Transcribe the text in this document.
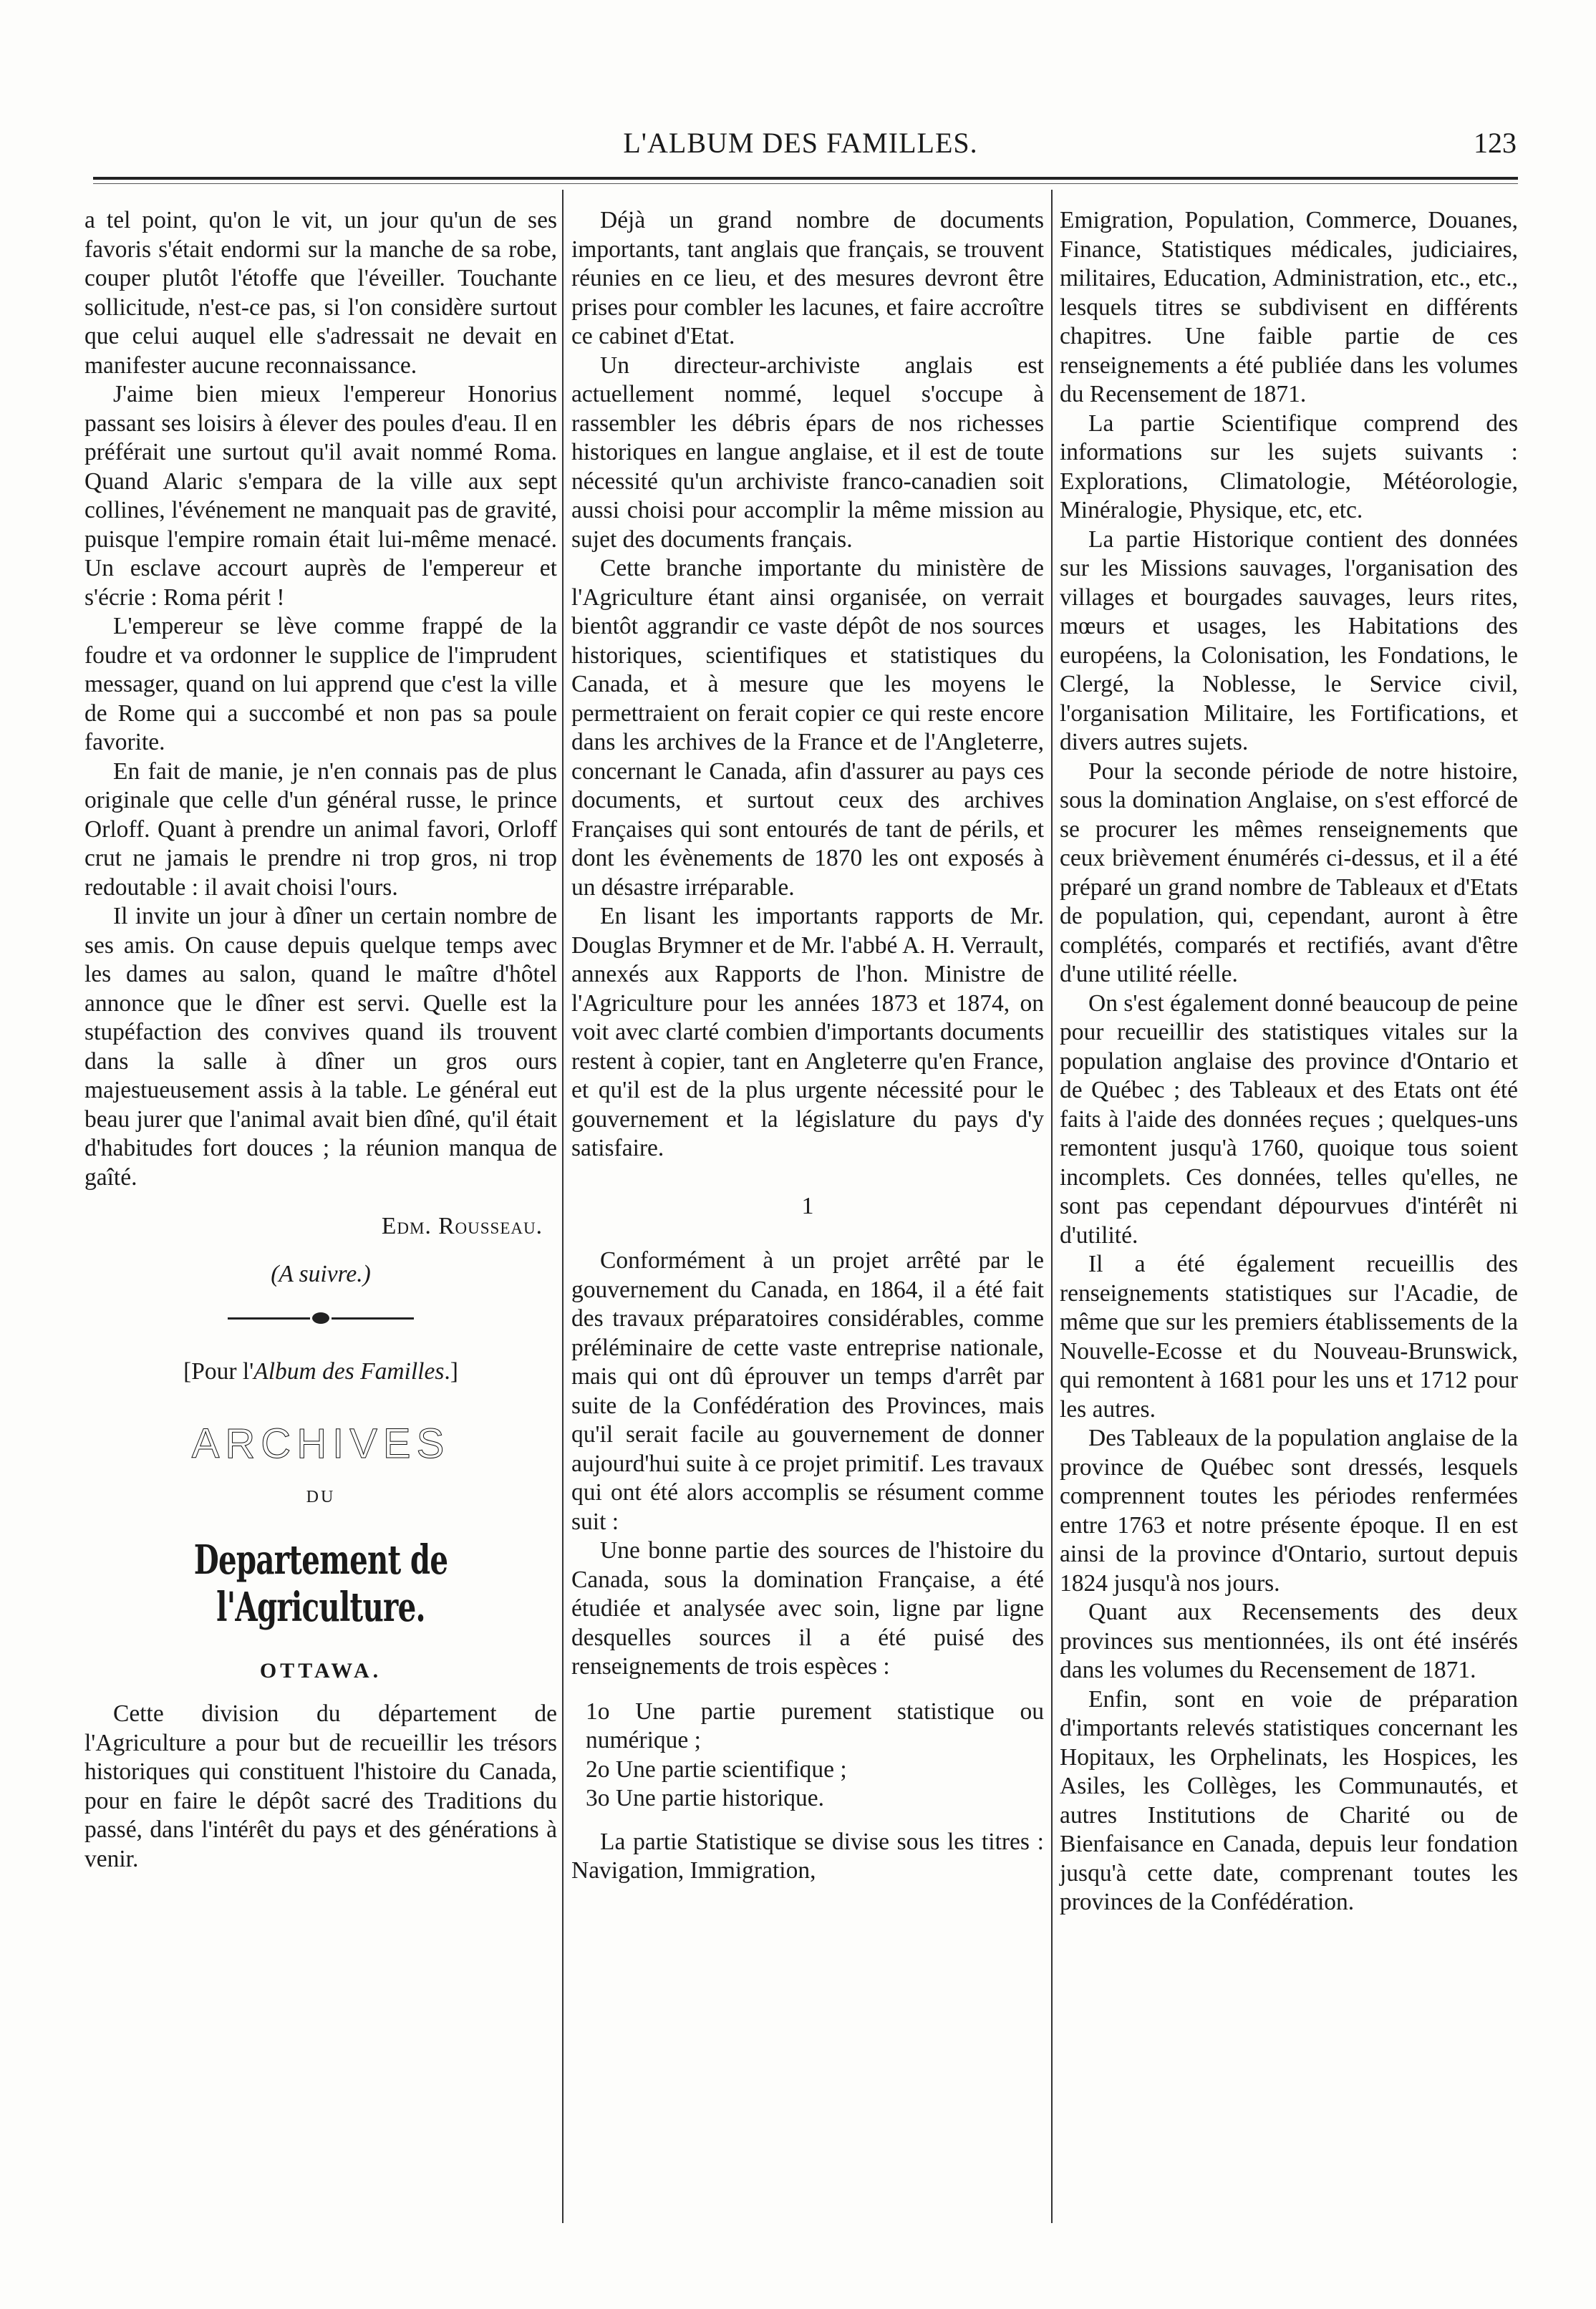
L'ALBUM DES FAMILLES.	123

a tel point, qu'on le vit, un jour qu'un de ses favoris s'était endormi sur la manche de sa robe, couper plutôt l'étoffe que l'éveiller. Touchante sollicitude, n'est-ce pas, si l'on considère surtout que celui auquel elle s'adressait ne devait en manifester aucune reconnaissance.

J'aime bien mieux l'empereur Honorius passant ses loisirs à élever des poules d'eau. Il en préférait une surtout qu'il avait nommé Roma. Quand Alaric s'empara de la ville aux sept collines, l'événement ne manquait pas de gravité, puisque l'empire romain était lui-même menacé. Un esclave accourt auprès de l'empereur et s'écrie : Roma périt !

L'empereur se lève comme frappé de la foudre et va ordonner le supplice de l'imprudent messager, quand on lui apprend que c'est la ville de Rome qui a succombé et non pas sa poule favorite.

En fait de manie, je n'en connais pas de plus originale que celle d'un général russe, le prince Orloff. Quant à prendre un animal favori, Orloff crut ne jamais le prendre ni trop gros, ni trop redoutable : il avait choisi l'ours.

Il invite un jour à dîner un certain nombre de ses amis. On cause depuis quelque temps avec les dames au salon, quand le maître d'hôtel annonce que le dîner est servi. Quelle est la stupéfaction des convives quand ils trouvent dans la salle à dîner un gros ours majestueusement assis à la table. Le général eut beau jurer que l'animal avait bien dîné, qu'il était d'habitudes fort douces ; la réunion manqua de gaîté.

Edm. Rousseau.
(A suivre.)
[Pour l'Album des Familles.]
ARCHIVES
DU
Departement de l'Agriculture.
OTTAWA.

Cette division du département de l'Agriculture a pour but de recueillir les trésors historiques qui constituent l'histoire du Canada, pour en faire le dépôt sacré des Traditions du passé, dans l'intérêt du pays et des générations à venir.

Déjà un grand nombre de documents importants, tant anglais que français, se trouvent réunies en ce lieu, et des mesures devront être prises pour combler les lacunes, et faire accroître ce cabinet d'Etat.

Un directeur-archiviste anglais est actuellement nommé, lequel s'occupe à rassembler les débris épars de nos richesses historiques en langue anglaise, et il est de toute nécessité qu'un archiviste franco-canadien soit aussi choisi pour accomplir la même mission au sujet des documents français.

Cette branche importante du ministère de l'Agriculture étant ainsi organisée, on verrait bientôt aggrandir ce vaste dépôt de nos sources historiques, scientifiques et statistiques du Canada, et à mesure que les moyens le permettraient on ferait copier ce qui reste encore dans les archives de la France et de l'Angleterre, concernant le Canada, afin d'assurer au pays ces documents, et surtout ceux des archives Françaises qui sont entourés de tant de périls, et dont les évènements de 1870 les ont exposés à un désastre irréparable.

En lisant les importants rapports de Mr. Douglas Brymner et de Mr. l'abbé A. H. Verrault, annexés aux Rapports de l'hon. Ministre de l'Agriculture pour les années 1873 et 1874, on voit avec clarté combien d'importants documents restent à copier, tant en Angleterre qu'en France, et qu'il est de la plus urgente nécessité pour le gouvernement et la législature du pays d'y satisfaire.

1

Conformément à un projet arrêté par le gouvernement du Canada, en 1864, il a été fait des travaux préparatoires considérables, comme préléminaire de cette vaste entreprise nationale, mais qui ont dû éprouver un temps d'arrêt par suite de la Confédération des Provinces, mais qu'il serait facile au gouvernement de donner aujourd'hui suite à ce projet primitif. Les travaux qui ont été alors accomplis se résument comme suit :

Une bonne partie des sources de l'histoire du Canada, sous la domination Française, a été étudiée et analysée avec soin, ligne par ligne desquelles sources il a été puisé des renseignements de trois espèces :

1o Une partie purement statistique ou numérique ;
2o Une partie scientifique ;
3o Une partie historique.

La partie Statistique se divise sous les titres : Navigation, Immigration,

Emigration, Population, Commerce, Douanes, Finance, Statistiques médicales, judiciaires, militaires, Education, Administration, etc., etc., lesquels titres se subdivisent en différents chapitres. Une faible partie de ces renseignements a été publiée dans les volumes du Recensement de 1871.

La partie Scientifique comprend des informations sur les sujets suivants : Explorations, Climatologie, Météorologie, Minéralogie, Physique, etc, etc.

La partie Historique contient des données sur les Missions sauvages, l'organisation des villages et bourgades sauvages, leurs rites, mœurs et usages, les Habitations des européens, la Colonisation, les Fondations, le Clergé, la Noblesse, le Service civil, l'organisation Militaire, les Fortifications, et divers autres sujets.

Pour la seconde période de notre histoire, sous la domination Anglaise, on s'est efforcé de se procurer les mêmes renseignements que ceux brièvement énumérés ci-dessus, et il a été préparé un grand nombre de Tableaux et d'Etats de population, qui, cependant, auront à être complétés, comparés et rectifiés, avant d'être d'une utilité réelle.

On s'est également donné beaucoup de peine pour recueillir des statistiques vitales sur la population anglaise des province d'Ontario et de Québec ; des Tableaux et des Etats ont été faits à l'aide des données reçues ; quelques-uns remontent jusqu'à 1760, quoique tous soient incomplets. Ces données, telles qu'elles, ne sont pas cependant dépourvues d'intérêt ni d'utilité.

Il a été également recueillis des renseignements statistiques sur l'Acadie, de même que sur les premiers établissements de la Nouvelle-Ecosse et du Nouveau-Brunswick, qui remontent à 1681 pour les uns et 1712 pour les autres.

Des Tableaux de la population anglaise de la province de Québec sont dressés, lesquels comprennent toutes les périodes renfermées entre 1763 et notre présente époque. Il en est ainsi de la province d'Ontario, surtout depuis 1824 jusqu'à nos jours.

Quant aux Recensements des deux provinces sus mentionnées, ils ont été insérés dans les volumes du Recensement de 1871.

Enfin, sont en voie de préparation d'importants relevés statistiques concernant les Hopitaux, les Orphelinats, les Hospices, les Asiles, les Collèges, les Communautés, et autres Institutions de Charité ou de Bienfaisance en Canada, depuis leur fondation jusqu'à cette date, comprenant toutes les provinces de la Confédération.
